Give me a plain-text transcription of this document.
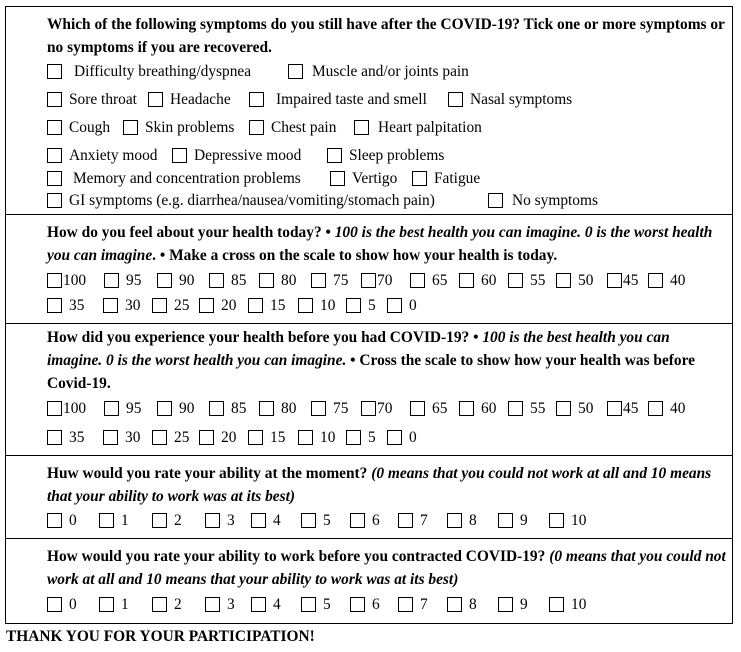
Which of the following symptoms do you still have after the COVID-19? Tick one or more symptoms or no symptoms if you are recovered.
How do you feel about your health today? • 100 is the best health you can imagine. 0 is the worst health you can imagine. • Make a cross on the scale to show how your health is today.
How did you experience your health before you had COVID-19? • 100 is the best health you can imagine. 0 is the worst health you can imagine. • Cross the scale to show how your health was before Covid-19.
Huw would you rate your ability at the moment? (0 means that you could not work at all and 10 means that your ability to work was at its best)
How would you rate your ability to work before you contracted COVID-19? (0 means that you could not work at all and 10 means that your ability to work was at its best)
Difficulty breathing/dyspnea	Muscle and/or joints pain
Sore throat Headache	Impaired taste and smell	Nasal symptoms
Cough Skin problems Chest pain	Heart palpitation
Anxiety mood Depressive mood	Sleep problems
Memory and concentration problems	Vertigo Fatigue
GI symptoms (e.g. diarrhea/nausea/vomiting/stomach pain)	No symptoms
100	95 90 85 80 75 70	65 60 55 50 45 40
35	30 25 20 15 10 5 0
100	95 90 85 80 75 70	65 60 55 50 45 40
35	30 25 20 15 10 5 0
0	1	2	3 4	5	6	7	8	9	10
0	1	2	3 4	5	6	7	8	9	10
THANK YOU FOR YOUR PARTICIPATION!
